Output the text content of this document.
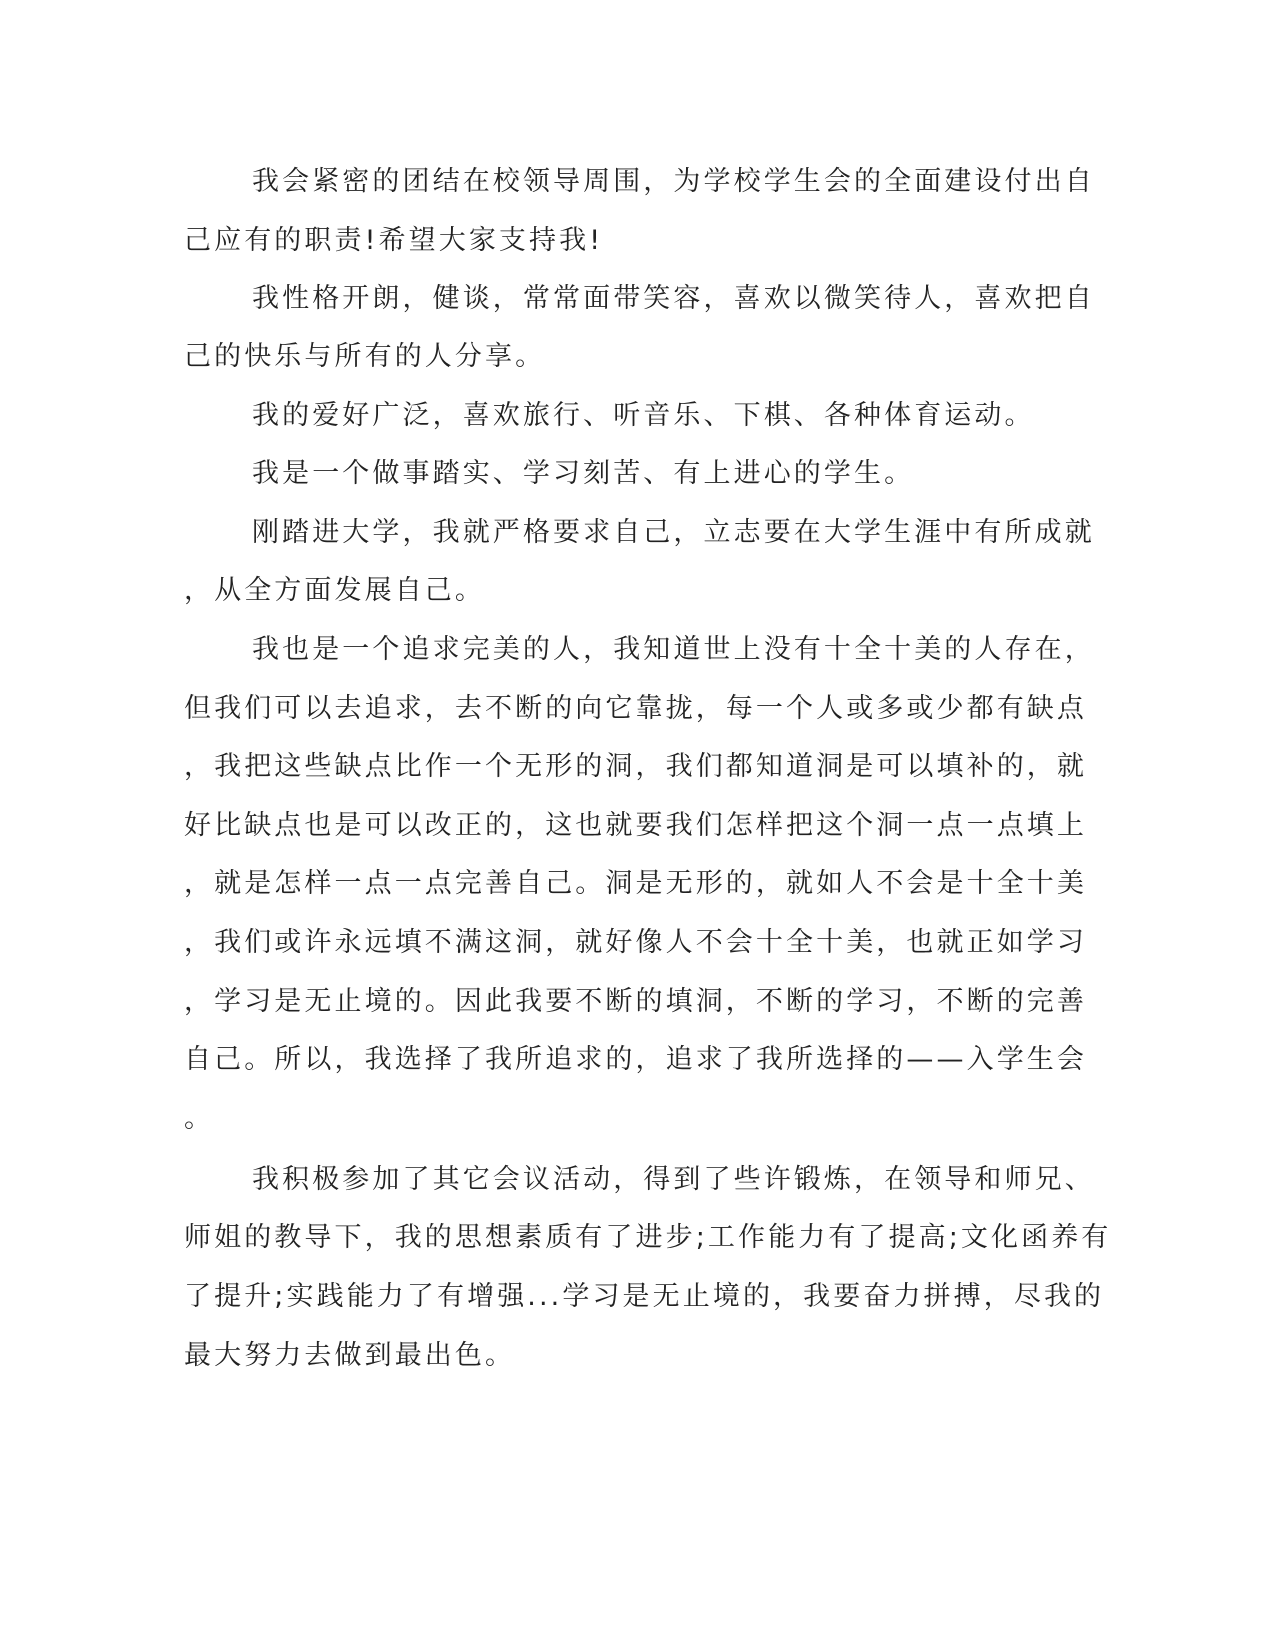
我会紧密的团结在校领导周围，为学校学生会的全面建设付出自
己应有的职责!希望大家支持我!
我性格开朗，健谈，常常面带笑容，喜欢以微笑待人，喜欢把自
己的快乐与所有的人分享。
我的爱好广泛，喜欢旅行、听音乐、下棋、各种体育运动。
我是一个做事踏实、学习刻苦、有上进心的学生。
刚踏进大学，我就严格要求自己，立志要在大学生涯中有所成就
，从全方面发展自己。
我也是一个追求完美的人，我知道世上没有十全十美的人存在，
但我们可以去追求，去不断的向它靠拢，每一个人或多或少都有缺点
，我把这些缺点比作一个无形的洞，我们都知道洞是可以填补的，就
好比缺点也是可以改正的，这也就要我们怎样把这个洞一点一点填上
，就是怎样一点一点完善自己。洞是无形的，就如人不会是十全十美
，我们或许永远填不满这洞，就好像人不会十全十美，也就正如学习
，学习是无止境的。因此我要不断的填洞，不断的学习，不断的完善
自己。所以，我选择了我所追求的，追求了我所选择的——入学生会
。
我积极参加了其它会议活动，得到了些许锻炼，在领导和师兄、
师姐的教导下，我的思想素质有了进步;工作能力有了提高;文化函养有
了提升;实践能力了有增强...学习是无止境的，我要奋力拼搏，尽我的
最大努力去做到最出色。
